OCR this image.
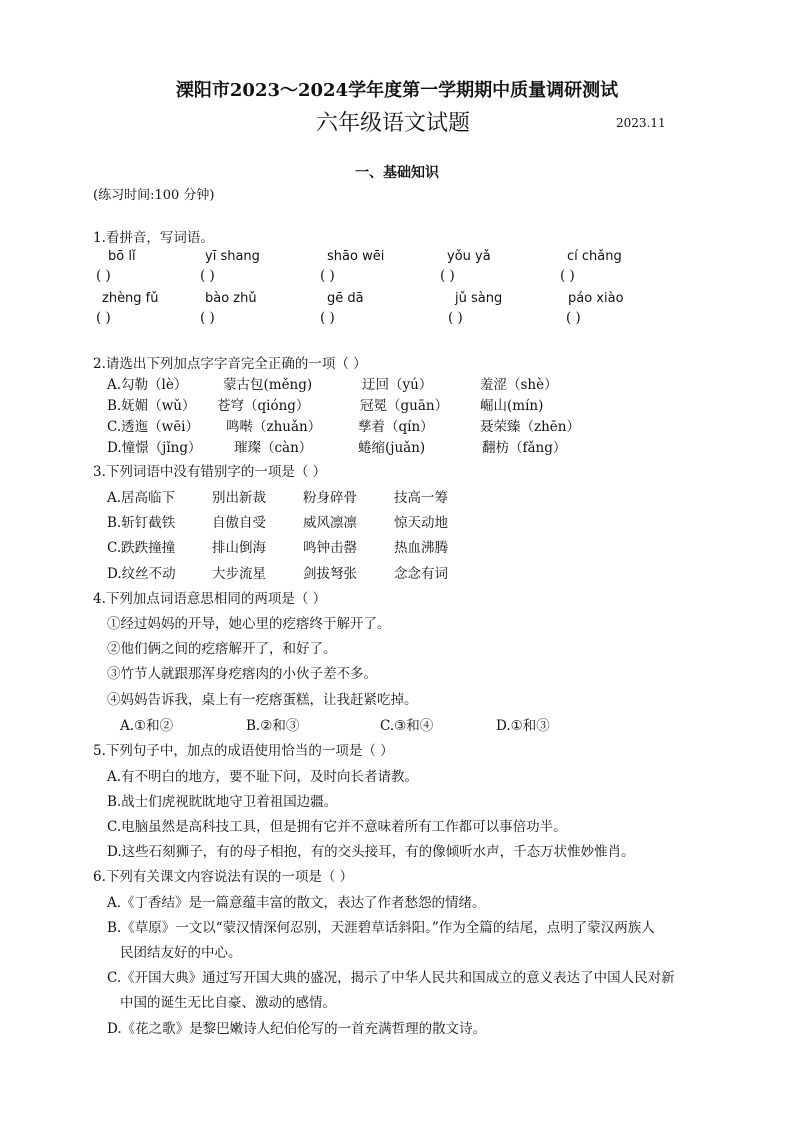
溧阳市2023～2024学年度第一学期期中质量调研测试
六年级语文试题	2023.11
一、基础知识
(练习时间:100 分钟)
1.看拼音，写词语。
bō lǐ	yī shang	shāo wēi	yǒu yǎ	cí chǎng
( )	( )	( )	( )	( )
zhèng fǔ	bào zhǔ	gē dā	jǔ sàng	páo xiào
( )	( )	( )	( )	( )
2.请选出下列加点字字音完全正确的一项（ ）
A.勾勒（lè）	蒙古包(měng)	迂回（yú）	羞涩（shè）
B.妩媚（wǔ） 苍穹（qióng）	冠冕（guān） 崛山(mín)
C.透迤（wēi） 鸣啭（zhuǎn）	孳着（qín）	聂荣臻（zhēn）
D.憧憬（jǐng） 璀璨（càn）	蜷缩(juǎn)	翻枋（fǎng）
3.下列词语中没有错别字的一项是（ ）
A.居高临下	别出新裁	粉身碎骨	技高一筹
B.斩钉截铁	自傲自受	威风凛凛	惊天动地
C.跌跌撞撞	排山倒海	鸣钟击罄	热血沸腾
D.纹丝不动	大步流星	剑拔弩张	念念有词
4.下列加点词语意思相同的两项是（ ）
①经过妈妈的开导，她心里的疙瘩终于解开了。
②他们俩之间的疙瘩解开了，和好了。
③竹节人就跟那浑身疙瘩肉的小伙子差不多。
④妈妈告诉我，桌上有一疙瘩蛋糕，让我赶紧吃掉。
A.①和②	B.②和③	C.③和④	D.①和③
5.下列句子中，加点的成语使用恰当的一项是（ ）
A.有不明白的地方，要不耻下问，及时向长者请教。
B.战士们虎视眈眈地守卫着祖国边疆。
C.电脑虽然是高科技工具，但是拥有它并不意味着所有工作都可以事倍功半。
D.这些石刻狮子，有的母子相抱，有的交头接耳，有的像倾听水声，千态万状惟妙惟肖。
6.下列有关课文内容说法有误的一项是（ ）
A.《丁香结》是一篇意蕴丰富的散文，表达了作者愁怨的情绪。
B.《草原》一文以“蒙汉情深何忍别，天涯碧草话斜阳。”作为全篇的结尾，点明了蒙汉两族人
民团结友好的中心。
C.《开国大典》通过写开国大典的盛况，揭示了中华人民共和国成立的意义表达了中国人民对新
中国的诞生无比自豪、激动的感情。
D.《花之歌》是黎巴嫩诗人纪伯伦写的一首充满哲理的散文诗。
